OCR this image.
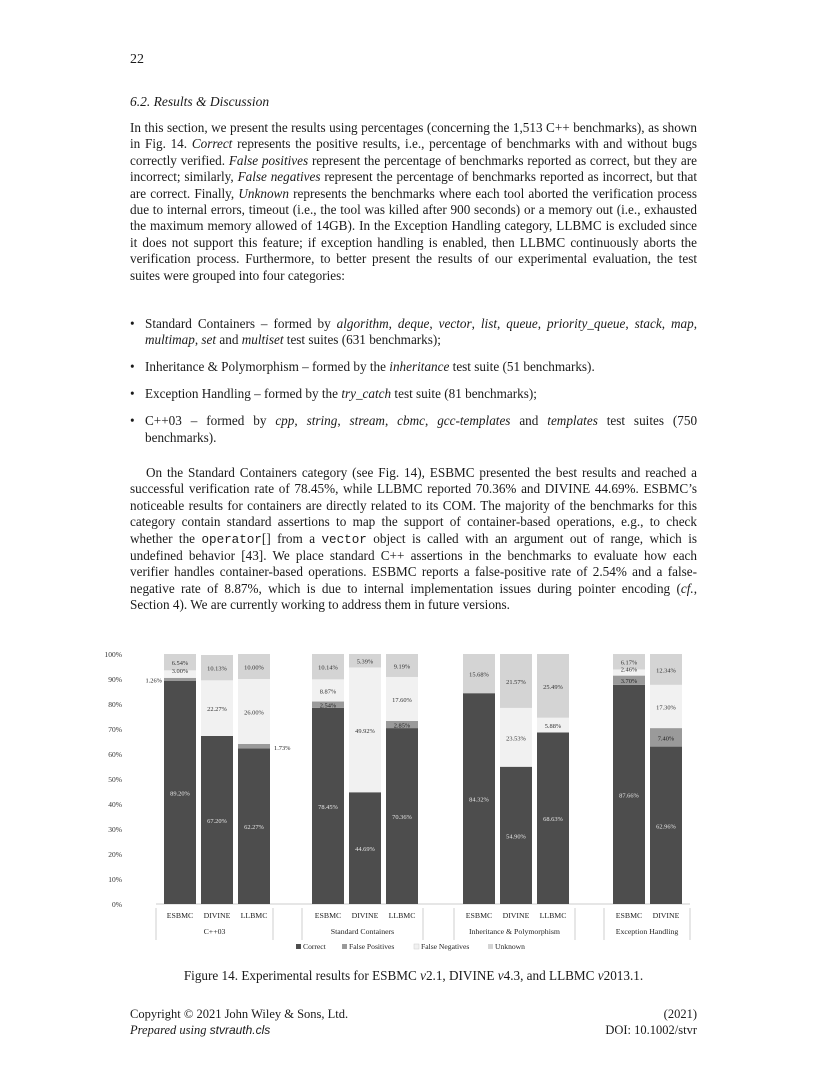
22
6.2. Results & Discussion

In this section, we present the results using percentages (concerning the 1,513 C++ benchmarks), as shown in Fig. 14. Correct represents the positive results, i.e., percentage of benchmarks with and without bugs correctly verified. False positives represent the percentage of benchmarks reported as correct, but they are incorrect; similarly, False negatives represent the percentage of benchmarks reported as incorrect, but that are correct. Finally, Unknown represents the benchmarks where each tool aborted the verification process due to internal errors, timeout (i.e., the tool was killed after 900 seconds) or a memory out (i.e., exhausted the maximum memory allowed of 14GB). In the Exception Handling category, LLBMC is excluded since it does not support this feature; if exception handling is enabled, then LLBMC continuously aborts the verification process. Furthermore, to better present the results of our experimental evaluation, the test suites were grouped into four categories:

• Standard Containers – formed by algorithm, deque, vector, list, queue, priority_queue, stack, map, multimap, set and multiset test suites (631 benchmarks);
• Inheritance & Polymorphism – formed by the inheritance test suite (51 benchmarks).
• Exception Handling – formed by the try_catch test suite (81 benchmarks);
• C++03 – formed by cpp, string, stream, cbmc, gcc-templates and templates test suites (750 benchmarks).

On the Standard Containers category (see Fig. 14), ESBMC presented the best results and reached a successful verification rate of 78.45%, while LLBMC reported 70.36% and DIVINE 44.69%. ESBMC’s noticeable results for containers are directly related to its COM. The majority of the benchmarks for this category contain standard assertions to map the support of container-based operations, e.g., to check whether the operator[] from a vector object is called with an argument out of range, which is undefined behavior [43]. We place standard C++ assertions in the benchmarks to evaluate how each verifier handles container-based operations. ESBMC reports a false-positive rate of 2.54% and a false-negative rate of 8.87%, which is due to internal implementation issues during pointer encoding (cf., Section 4). We are currently working to address them in future versions.

0%
10%
20%
30%
40%
50%
60%
70%
80%
90%
100%
89.20%
1.26%
3.00%
6.54%
ESBMC
67.20%
22.27%
10.13%
DIVINE
62.27%
1.73%
26.00%
10.00%
LLBMC
C++03
78.45%
2.54%
8.87%
10.14%
ESBMC
44.69%
49.92%
5.39%
DIVINE
70.36%
2.85%
17.60%
9.19%
LLBMC
Standard Containers
84.32%
15.68%
ESBMC
54.90%
23.53%
21.57%
DIVINE
68.63%
5.88%
25.49%
LLBMC
Inheritance & Polymorphism
87.66%
3.70%
2.46%
6.17%
ESBMC
62.96%
7.40%
17.30%
12.34%
DIVINE
Exception Handling
Correct	False Positives	False Negatives	Unknown
Figure 14. Experimental results for ESBMC v2.1, DIVINE v4.3, and LLBMC v2013.1.
Copyright © 2021 John Wiley & Sons, Ltd.
Prepared using stvrauth.cls
(2021)
DOI: 10.1002/stvr
